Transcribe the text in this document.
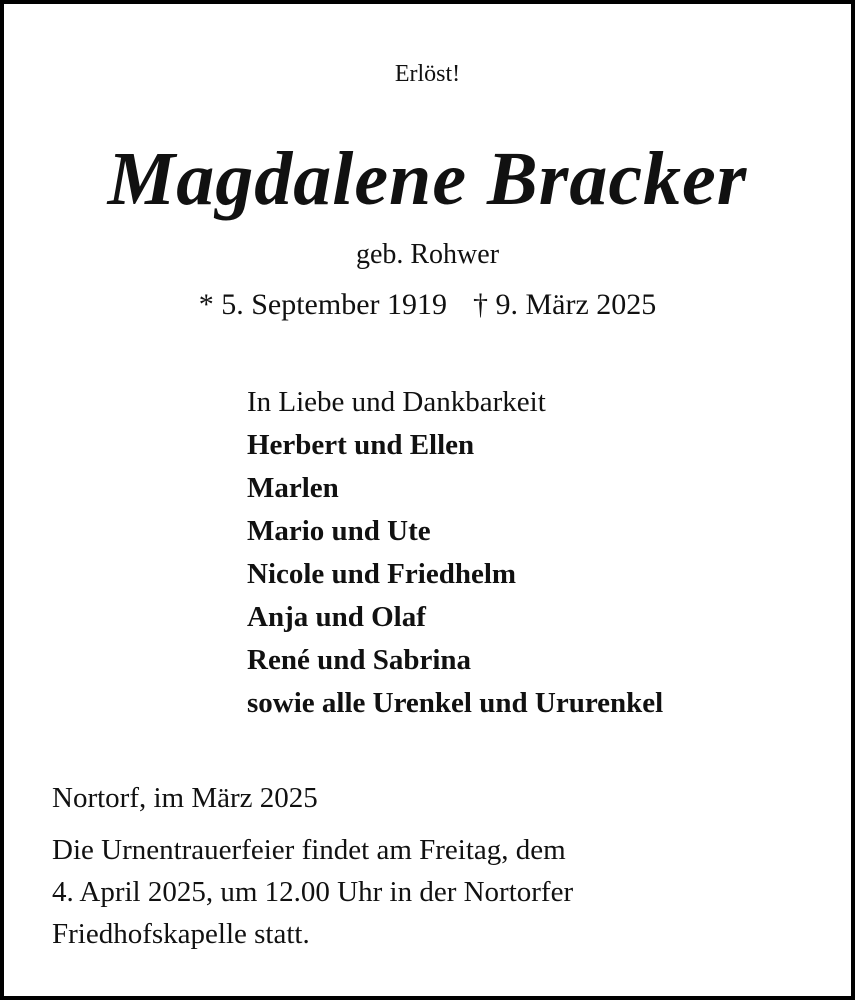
Erlöst!
Magdalene Bracker
geb. Rohwer
* 5. September 1919 † 9. März 2025
In Liebe und Dankbarkeit
Herbert und Ellen
Marlen
Mario und Ute
Nicole und Friedhelm
Anja und Olaf
René und Sabrina
sowie alle Urenkel und Ururenkel
Nortorf, im März 2025
Die Urnentrauerfeier findet am Freitag, dem
4. April 2025, um 12.00 Uhr in der Nortorfer
Friedhofskapelle statt.
